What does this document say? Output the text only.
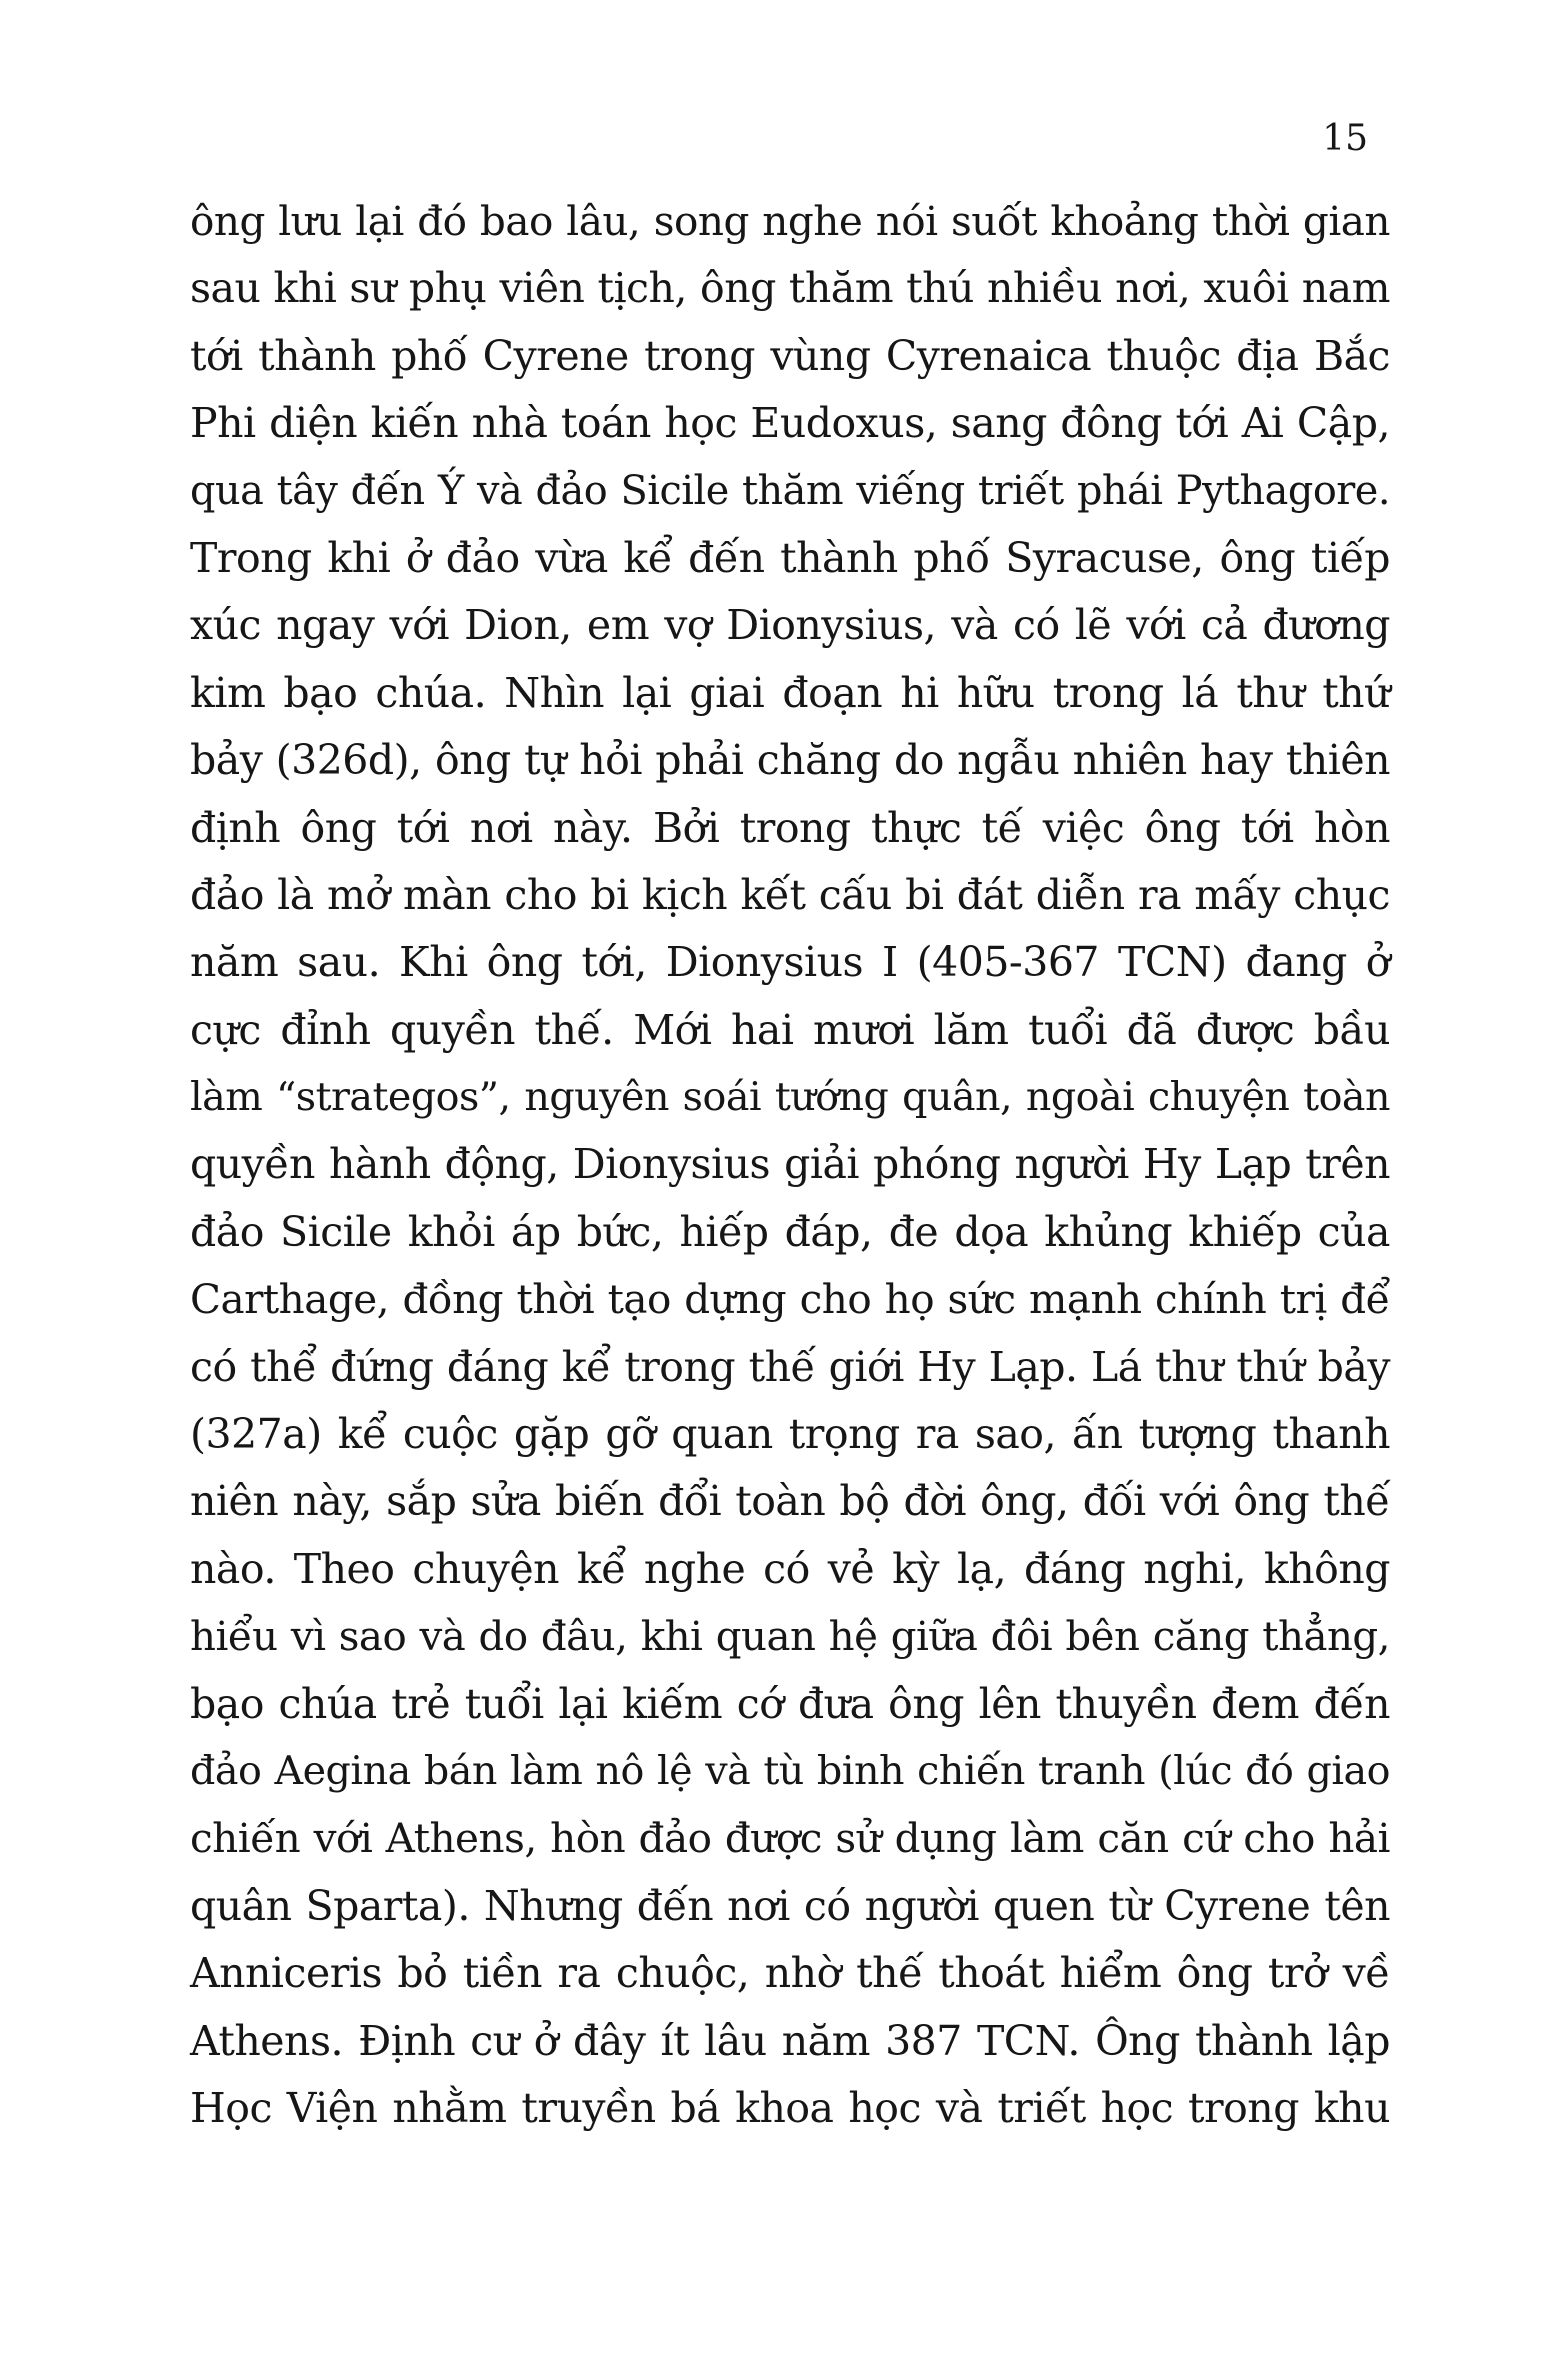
15
ông lưu lại đó bao lâu, song nghe nói suốt khoảng thời gian
sau khi sư phụ viên tịch, ông thăm thú nhiều nơi, xuôi nam
tới thành phố Cyrene trong vùng Cyrenaica thuộc địa Bắc
Phi diện kiến nhà toán học Eudoxus, sang đông tới Ai Cập,
qua tây đến Ý và đảo Sicile thăm viếng triết phái Pythagore.
Trong khi ở đảo vừa kể đến thành phố Syracuse, ông tiếp
xúc ngay với Dion, em vợ Dionysius, và có lẽ với cả đương
kim bạo chúa. Nhìn lại giai đoạn hi hữu trong lá thư thứ
bảy (326d), ông tự hỏi phải chăng do ngẫu nhiên hay thiên
định ông tới nơi này. Bởi trong thực tế việc ông tới hòn
đảo là mở màn cho bi kịch kết cấu bi đát diễn ra mấy chục
năm sau. Khi ông tới, Dionysius I (405-367 TCN) đang ở
cực đỉnh quyền thế. Mới hai mươi lăm tuổi đã được bầu
làm “strategos”, nguyên soái tướng quân, ngoài chuyện toàn
quyền hành động, Dionysius giải phóng người Hy Lạp trên
đảo Sicile khỏi áp bức, hiếp đáp, đe dọa khủng khiếp của
Carthage, đồng thời tạo dựng cho họ sức mạnh chính trị để
có thể đứng đáng kể trong thế giới Hy Lạp. Lá thư thứ bảy
(327a) kể cuộc gặp gỡ quan trọng ra sao, ấn tượng thanh
niên này, sắp sửa biến đổi toàn bộ đời ông, đối với ông thế
nào. Theo chuyện kể nghe có vẻ kỳ lạ, đáng nghi, không
hiểu vì sao và do đâu, khi quan hệ giữa đôi bên căng thẳng,
bạo chúa trẻ tuổi lại kiếm cớ đưa ông lên thuyền đem đến
đảo Aegina bán làm nô lệ và tù binh chiến tranh (lúc đó giao
chiến với Athens, hòn đảo được sử dụng làm căn cứ cho hải
quân Sparta). Nhưng đến nơi có người quen từ Cyrene tên
Anniceris bỏ tiền ra chuộc, nhờ thế thoát hiểm ông trở về
Athens. Định cư ở đây ít lâu năm 387 TCN. Ông thành lập
Học Viện nhằm truyền bá khoa học và triết học trong khu
